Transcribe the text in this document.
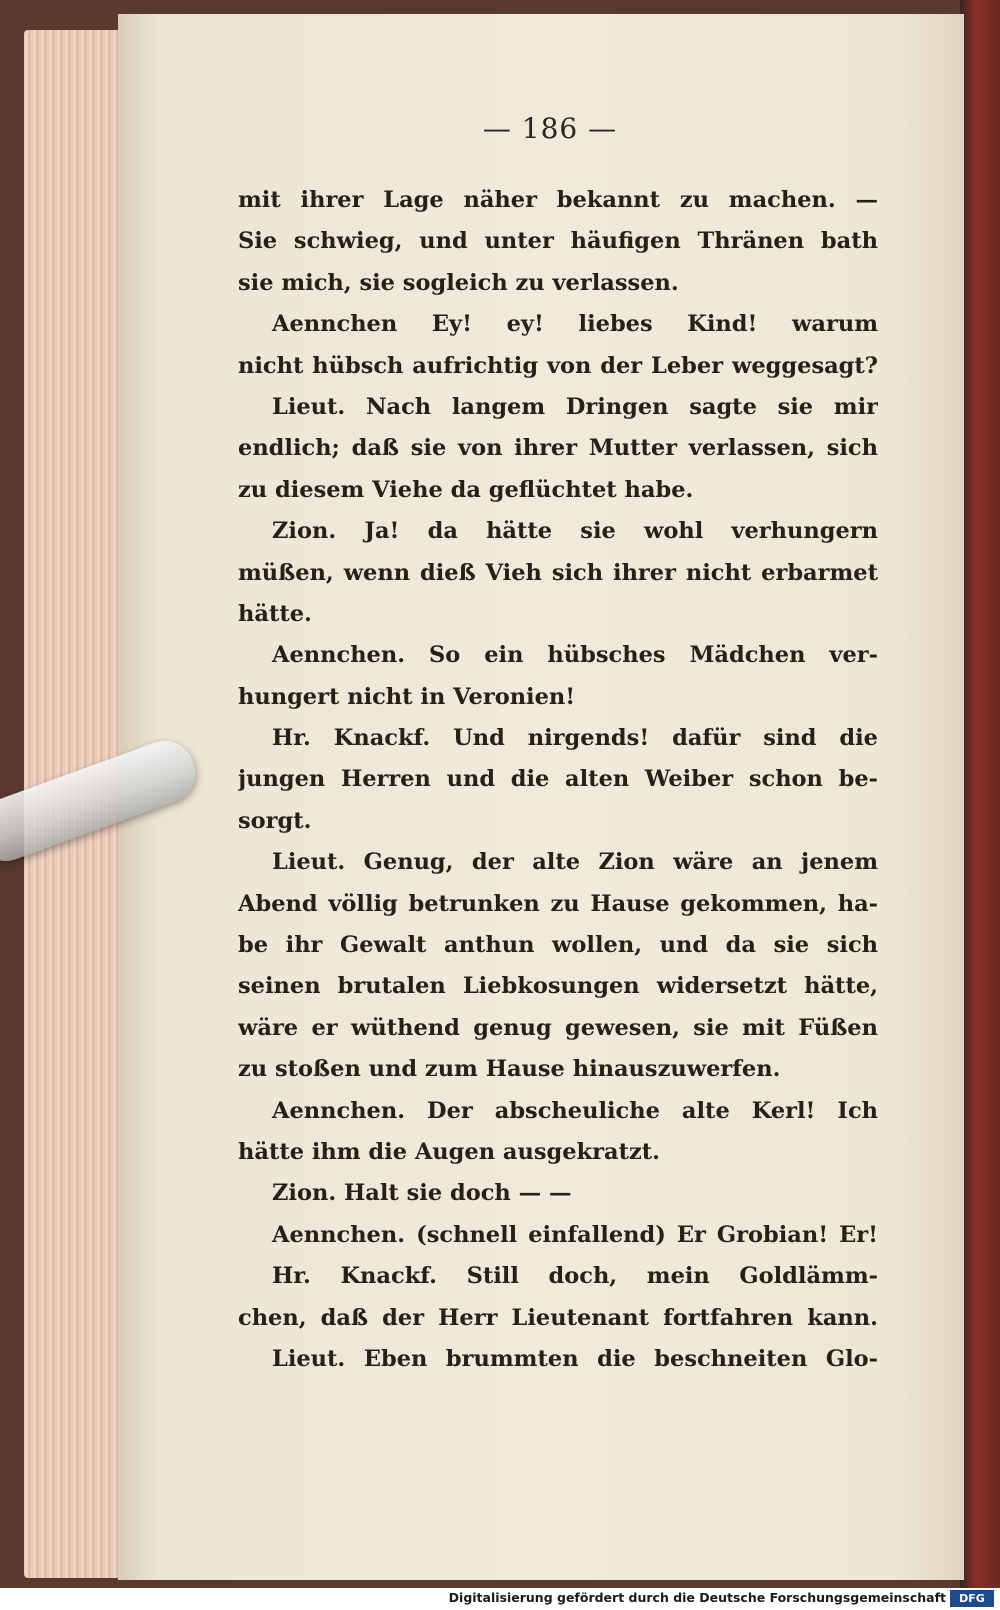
— 186 —
mit ihrer Lage näher bekannt zu machen. —
Sie schwieg, und unter häufigen Thränen bath
sie mich, sie sogleich zu verlassen.
Aennchen Ey! ey! liebes Kind! warum
nicht hübsch aufrichtig von der Leber weggesagt?
Lieut. Nach langem Dringen sagte sie mir
endlich; daß sie von ihrer Mutter verlassen, sich
zu diesem Viehe da geflüchtet habe.
Zion. Ja! da hätte sie wohl verhungern
müßen, wenn dieß Vieh sich ihrer nicht erbarmet
hätte.
Aennchen. So ein hübsches Mädchen ver-
hungert nicht in Veronien!
Hr. Knackf. Und nirgends! dafür sind die
jungen Herren und die alten Weiber schon be-
sorgt.
Lieut. Genug, der alte Zion wäre an jenem
Abend völlig betrunken zu Hause gekommen, ha-
be ihr Gewalt anthun wollen, und da sie sich
seinen brutalen Liebkosungen widersetzt hätte,
wäre er wüthend genug gewesen, sie mit Füßen
zu stoßen und zum Hause hinauszuwerfen.
Aennchen. Der abscheuliche alte Kerl! Ich
hätte ihm die Augen ausgekratzt.
Zion. Halt sie doch — —
Aennchen. (schnell einfallend) Er Grobian! Er!
Hr. Knackf. Still doch, mein Goldlämm-
chen, daß der Herr Lieutenant fortfahren kann.
Lieut. Eben brummten die beschneiten Glo-
Digitalisierung gefördert durch die Deutsche Forschungsgemeinschaft	DFG
